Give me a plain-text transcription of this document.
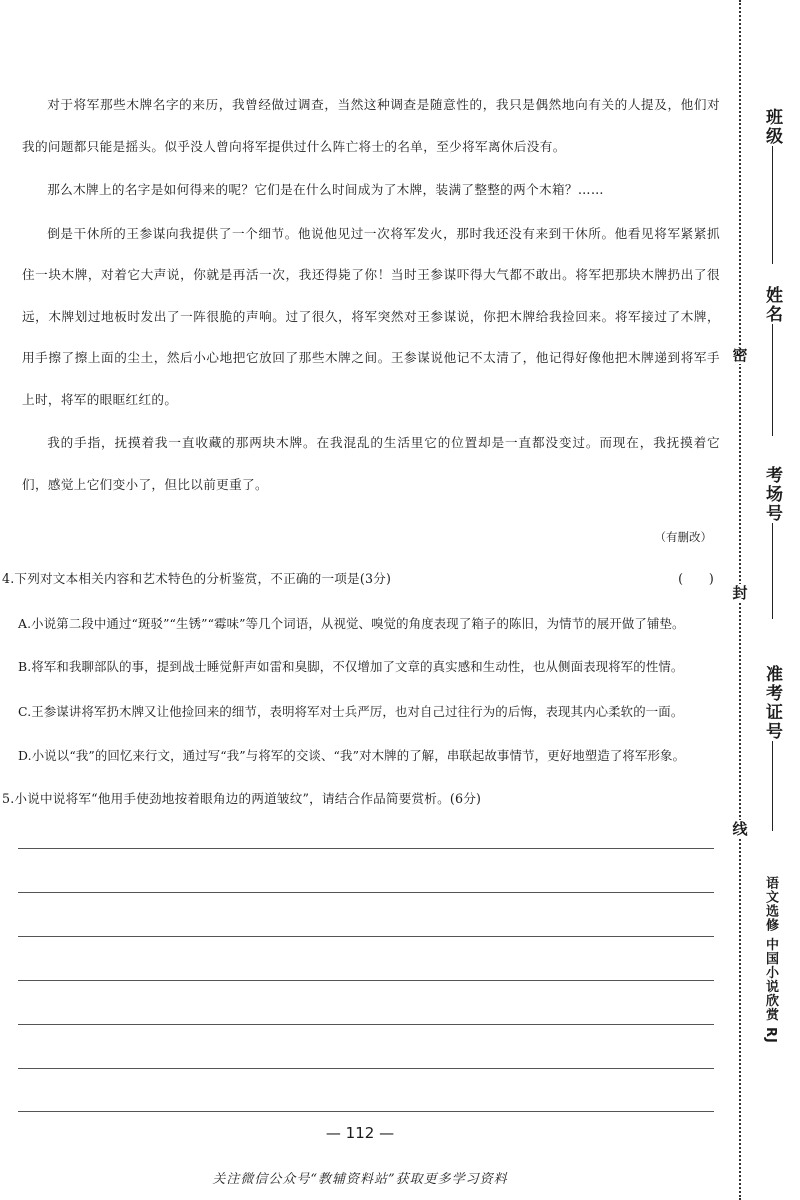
对于将军那些木牌名字的来历，我曾经做过调查，当然这种调查是随意性的，我只是偶然地向有关的人提及，他们对我的问题都只能是摇头。似乎没人曾向将军提供过什么阵亡将士的名单，至少将军离休后没有。

那么木牌上的名字是如何得来的呢？它们是在什么时间成为了木牌，装满了整整的两个木箱？……

倒是干休所的王参谋向我提供了一个细节。他说他见过一次将军发火，那时我还没有来到干休所。他看见将军紧紧抓住一块木牌，对着它大声说，你就是再活一次，我还得毙了你！当时王参谋吓得大气都不敢出。将军把那块木牌扔出了很远，木牌划过地板时发出了一阵很脆的声响。过了很久，将军突然对王参谋说，你把木牌给我捡回来。将军接过了木牌，用手擦了擦上面的尘土，然后小心地把它放回了那些木牌之间。王参谋说他记不太清了，他记得好像他把木牌递到将军手上时，将军的眼眶红红的。

我的手指，抚摸着我一直收藏的那两块木牌。在我混乱的生活里它的位置却是一直都没变过。而现在，我抚摸着它们，感觉上它们变小了，但比以前更重了。

（有删改）
4.下列对文本相关内容和艺术特色的分析鉴赏，不正确的一项是(3分)	(　　)
A.小说第二段中通过“斑驳”“生锈”“霉味”等几个词语，从视觉、嗅觉的角度表现了箱子的陈旧，为情节的展开做了铺垫。
B.将军和我聊部队的事，提到战士睡觉鼾声如雷和臭脚，不仅增加了文章的真实感和生动性，也从侧面表现将军的性情。
C.王参谋讲将军扔木牌又让他捡回来的细节，表明将军对士兵严厉，也对自己过往行为的后悔，表现其内心柔软的一面。
D.小说以“我”的回忆来行文，通过写“我”与将军的交谈、“我”对木牌的了解，串联起故事情节，更好地塑造了将军形象。
5.小说中说将军“他用手使劲地按着眼角边的两道皱纹”，请结合作品简要赏析。(6分)
— 112 —
关注微信公众号“教辅资料站”获取更多学习资料
密
封
线
班级
姓名
考场号
准考证号
语文选修 中国小说欣赏 RJ
